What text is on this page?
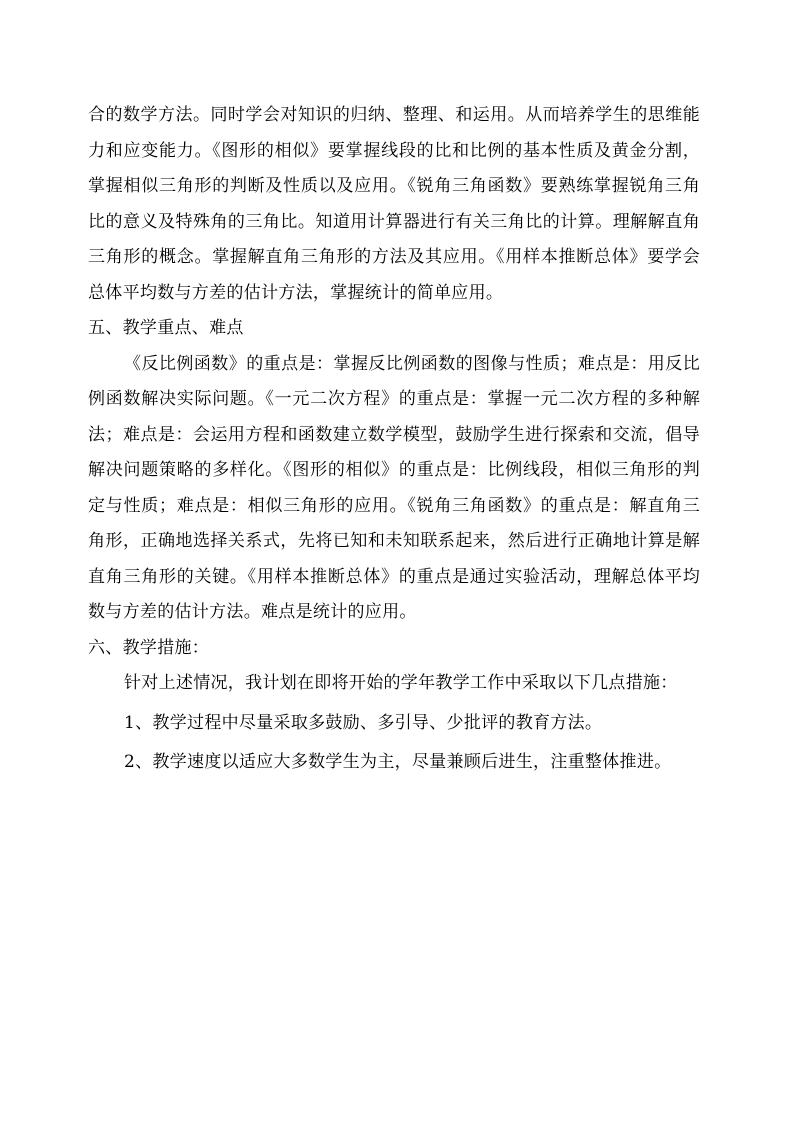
合的数学方法。同时学会对知识的归纳、整理、和运用。从而培养学生的思维能力和应变能力。《图形的相似》要掌握线段的比和比例的基本性质及黄金分割，掌握相似三角形的判断及性质以及应用。《锐角三角函数》要熟练掌握锐角三角比的意义及特殊角的三角比。知道用计算器进行有关三角比的计算。理解解直角三角形的概念。掌握解直角三角形的方法及其应用。《用样本推断总体》要学会总体平均数与方差的估计方法，掌握统计的简单应用。

五、教学重点、难点

《反比例函数》的重点是：掌握反比例函数的图像与性质；难点是：用反比例函数解决实际问题。《一元二次方程》的重点是：掌握一元二次方程的多种解法；难点是：会运用方程和函数建立数学模型，鼓励学生进行探索和交流，倡导解决问题策略的多样化。《图形的相似》的重点是：比例线段，相似三角形的判定与性质；难点是：相似三角形的应用。《锐角三角函数》的重点是：解直角三角形，正确地选择关系式，先将已知和未知联系起来，然后进行正确地计算是解直角三角形的关键。《用样本推断总体》的重点是通过实验活动，理解总体平均数与方差的估计方法。难点是统计的应用。

六、教学措施：

针对上述情况，我计划在即将开始的学年教学工作中采取以下几点措施：

1、教学过程中尽量采取多鼓励、多引导、少批评的教育方法。

2、教学速度以适应大多数学生为主，尽量兼顾后进生，注重整体推进。
